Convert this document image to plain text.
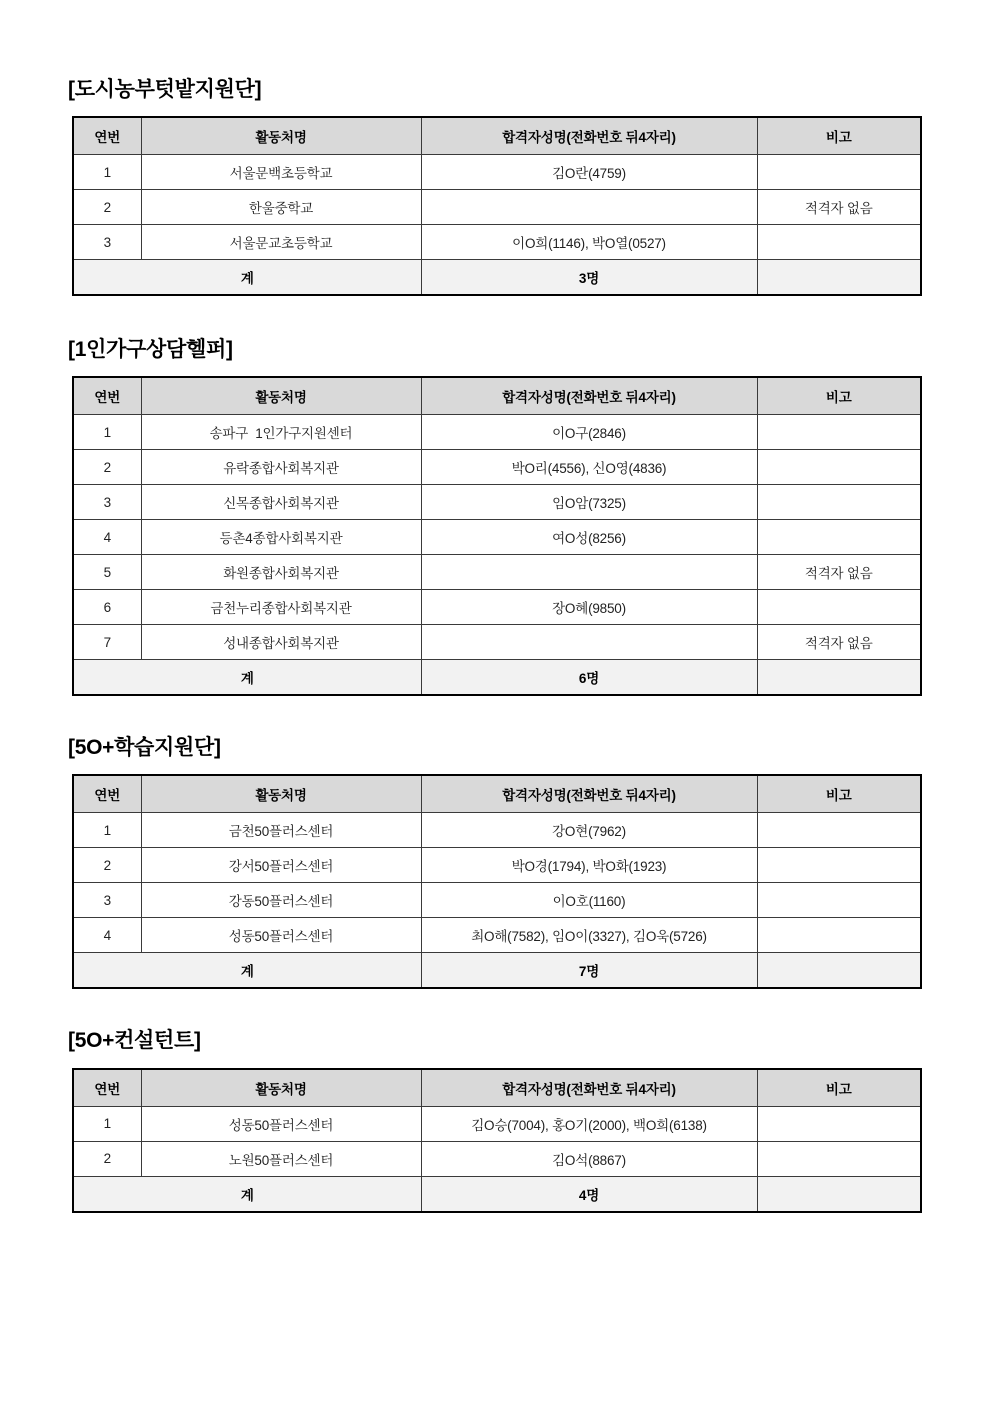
[도시농부텃밭지원단]
연번	활동처명	합격자성명(전화번호 뒤4자리)	비고
1	서울문백초등학교	김O란(4759)	
2	한울중학교		적격자 없음
3	서울문교초등학교	이O희(1146), 박O열(0527)	
계		3명	
[1인가구상담헬퍼]
연번	활동처명	합격자성명(전화번호 뒤4자리)	비고
1	송파구  1인가구지원센터	이O구(2846)	
2	유락종합사회복지관	박O리(4556), 신O영(4836)	
3	신목종합사회복지관	임O암(7325)	
4	등촌4종합사회복지관	여O성(8256)	
5	화원종합사회복지관		적격자 없음
6	금천누리종합사회복지관	장O혜(9850)	
7	성내종합사회복지관		적격자 없음
계		6명	
[5O+학습지원단]
연번	활동처명	합격자성명(전화번호 뒤4자리)	비고
1	금천50플러스센터	강O현(7962)	
2	강서50플러스센터	박O경(1794), 박O화(1923)	
3	강동50플러스센터	이O호(1160)	
4	성동50플러스센터	최O해(7582), 임O이(3327), 김O욱(5726)	
계		7명	
[5O+컨설턴트]
연번	활동처명	합격자성명(전화번호 뒤4자리)	비고
1	성동50플러스센터	김O승(7004), 홍O기(2000), 백O희(6138)	
2	노원50플러스센터	김O석(8867)	
계		4명	
